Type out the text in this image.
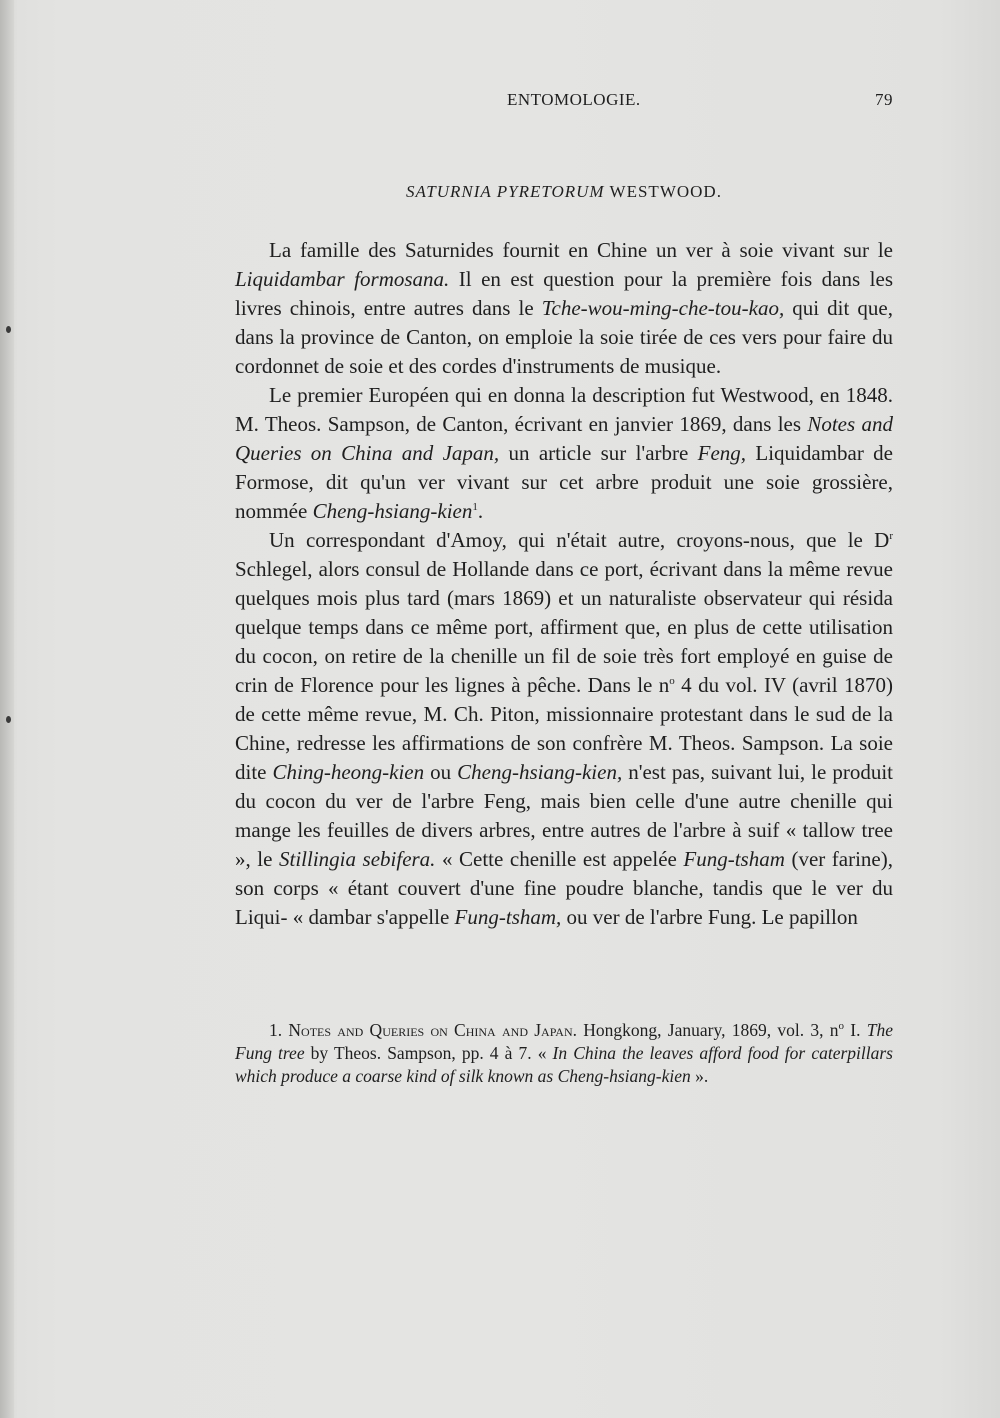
ENTOMOLOGIE.	79
SATURNIA PYRETORUM WESTWOOD.

La famille des Saturnides fournit en Chine un ver à soie vivant sur le Liquidambar formosana. Il en est question pour la première fois dans les livres chinois, entre autres dans le Tche-wou-ming-che-tou-kao, qui dit que, dans la province de Canton, on emploie la soie tirée de ces vers pour faire du cordonnet de soie et des cordes d'instruments de musique.

Le premier Européen qui en donna la description fut Westwood, en 1848. M. Theos. Sampson, de Canton, écrivant en janvier 1869, dans les Notes and Queries on China and Japan, un article sur l'arbre Feng, Liquidambar de Formose, dit qu'un ver vivant sur cet arbre produit une soie grossière, nommée Cheng-hsiang-kien$^1$.

Un correspondant d'Amoy, qui n'était autre, croyons-nous, que le $D^r$ Schlegel, alors consul de Hollande dans ce port, écrivant dans la même revue quelques mois plus tard (mars 1869) et un naturaliste observateur qui résida quelque temps dans ce même port, affirment que, en plus de cette utilisation du cocon, on retire de la chenille un fil de soie très fort employé en guise de crin de Florence pour les lignes à pêche. Dans le $n^o$ 4 du vol. IV (avril 1870) de cette même revue, M. Ch. Piton, missionnaire protestant dans le sud de la Chine, redresse les affirmations de son confrère M. Theos. Sampson. La soie dite Ching-heong-kien ou Cheng-hsiang-kien, n'est pas, suivant lui, le produit du cocon du ver de l'arbre Feng, mais bien celle d'une autre chenille qui mange les feuilles de divers arbres, entre autres de l'arbre à suif « tallow tree », le Stillingia sebifera. « Cette chenille est appelée Fung-tsham (ver farine), son corps « étant couvert d'une fine poudre blanche, tandis que le ver du Liqui- « dambar s'appelle Fung-tsham, ou ver de l'arbre Fung. Le papillon

1. Notes and Queries on China and Japan. Hongkong, January, 1869, vol. 3, $n^o$ I. The Fung tree by Theos. Sampson, pp. 4 à 7. « In China the leaves afford food for caterpillars which produce a coarse kind of silk known as Cheng-hsiang-kien ».
